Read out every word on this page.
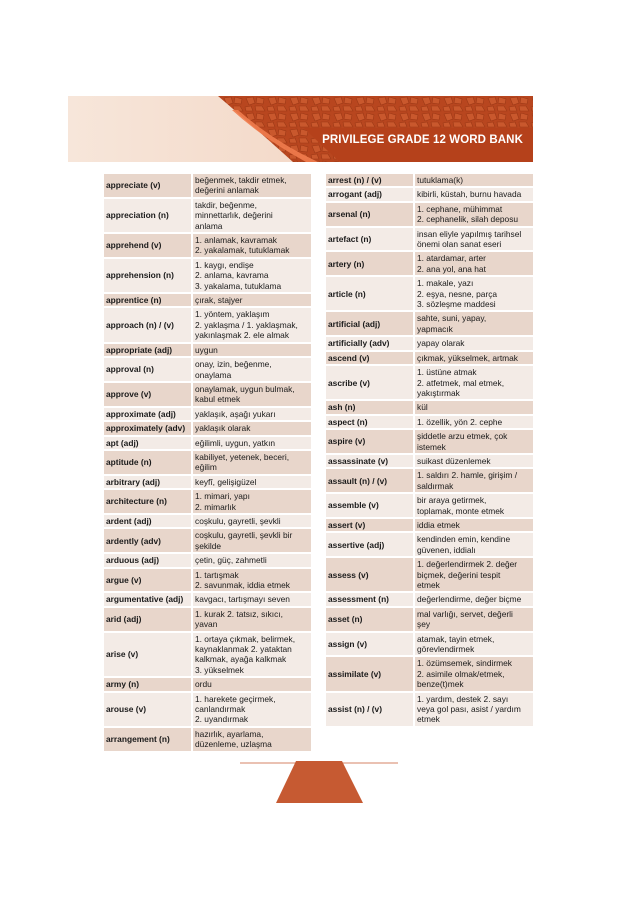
PRIVILEGE GRADE 12 WORD BANK
appreciate (v)	beğenmek, takdir etmek,
değerini anlamak

appreciation (n)	takdir, beğenme,
minnettarlık, değerini
anlama

apprehend (v)	1. anlamak, kavramak
2. yakalamak, tutuklamak

apprehension (n)	1. kaygı, endişe
2. anlama, kavrama
3. yakalama, tutuklama

apprentice (n)	çırak, stajyer

approach (n) / (v)	1. yöntem, yaklaşım
2. yaklaşma / 1. yaklaşmak,
yakınlaşmak 2. ele almak

appropriate (adj)	uygun

approval (n)	onay, izin, beğenme,
onaylama

approve (v)	onaylamak, uygun bulmak,
kabul etmek

approximate (adj)	yaklaşık, aşağı yukarı

approximately (adv)	yaklaşık olarak

apt (adj)	eğilimli, uygun, yatkın

aptitude (n)	kabiliyet, yetenek, beceri,
eğilim

arbitrary (adj)	keyfî, gelişigüzel

architecture (n)	1. mimari, yapı
2. mimarlık

ardent (adj)	coşkulu, gayretli, şevkli

ardently (adv)	coşkulu, gayretli, şevkli bir
şekilde

arduous (adj)	çetin, güç, zahmetli

argue (v)	1. tartışmak
2. savunmak, iddia etmek

argumentative (adj)	kavgacı, tartışmayı seven

arid (adj)	1. kurak 2. tatsız, sıkıcı,
yavan

arise (v)	1. ortaya çıkmak, belirmek,
kaynaklanmak 2. yataktan
kalkmak, ayağa kalkmak
3. yükselmek

army (n)	ordu

arouse (v)	1. harekete geçirmek,
canlandırmak
2. uyandırmak

arrangement (n)	hazırlık, ayarlama,
düzenleme, uzlaşma
arrest (n) / (v)	tutuklama(k)

arrogant (adj)	kibirli, küstah, burnu havada

arsenal (n)	1. cephane, mühimmat
2. cephanelik, silah deposu

artefact (n)	insan eliyle yapılmış tarihsel
önemi olan sanat eseri

artery (n)	1. atardamar, arter
2. ana yol, ana hat

article (n)	1. makale, yazı
2. eşya, nesne, parça
3. sözleşme maddesi

artificial (adj)	sahte, suni, yapay,
yapmacık

artificially (adv)	yapay olarak

ascend (v)	çıkmak, yükselmek, artmak

ascribe (v)	1. üstüne atmak
2. atfetmek, mal etmek,
yakıştırmak

ash (n)	kül

aspect (n)	1. özellik, yön 2. cephe

aspire (v)	şiddetle arzu etmek, çok
istemek

assassinate (v)	suikast düzenlemek

assault (n) / (v)	1. saldırı 2. hamle, girişim /
saldırmak

assemble (v)	bir araya getirmek,
toplamak, monte etmek

assert (v)	iddia etmek

assertive (adj)	kendinden emin, kendine
güvenen, iddialı

assess (v)	1. değerlendirmek 2. değer
biçmek, değerini tespit
etmek

assessment (n)	değerlendirme, değer biçme

asset (n)	mal varlığı, servet, değerli
şey

assign (v)	atamak, tayin etmek,
görevlendirmek

assimilate (v)	1. özümsemek, sindirmek
2. asimile olmak/etmek,
benze(t)mek

assist (n) / (v)	1. yardım, destek 2. sayı
veya gol pası, asist / yardım
etmek
